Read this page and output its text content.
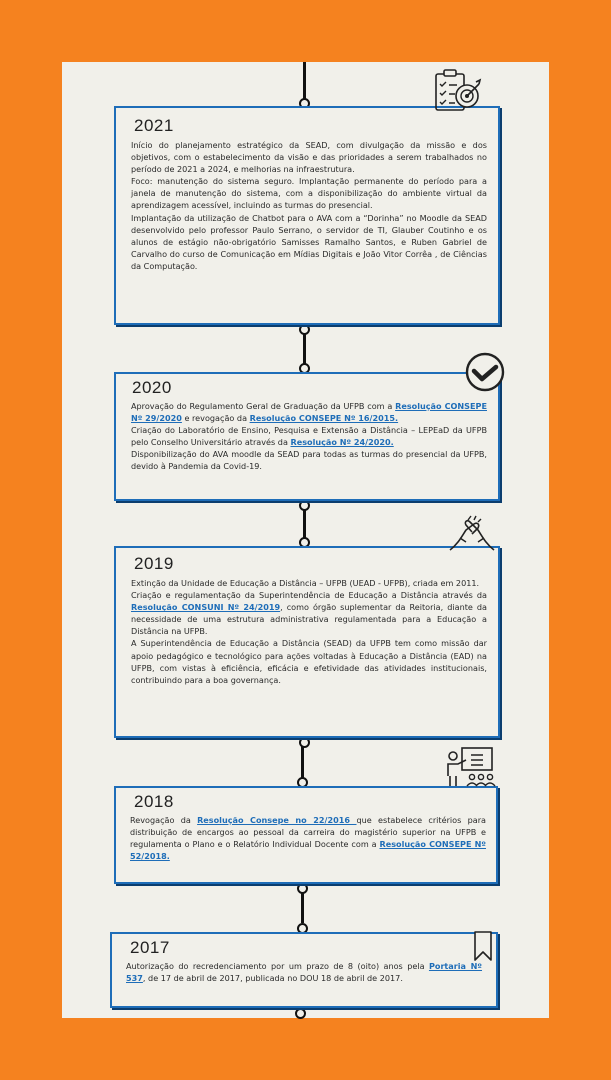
2021

Início do planejamento estratégico da SEAD, com divulgação da missão e dos objetivos, com o estabelecimento da visão e das prioridades a serem trabalhados no período de 2021 a 2024, e melhorias na infraestrutura.

Foco: manutenção do sistema seguro. Implantação permanente do período para a janela de manutenção do sistema, com a disponibilização do ambiente virtual da aprendizagem acessível, incluindo as turmas do presencial.

Implantação da utilização de Chatbot para o AVA com a “Dorinha” no Moodle da SEAD desenvolvido pelo professor Paulo Serrano, o servidor de TI, Glauber Coutinho e os alunos de estágio não-obrigatório Samisses Ramalho Santos, e Ruben Gabriel de Carvalho do curso de Comunicação em Mídias Digitais e João Vitor Corrêa , de Ciências da Computação.

2020

Aprovação do Regulamento Geral de Graduação da UFPB com a Resolução CONSEPE Nº 29/2020 e revogação da Resolução CONSEPE Nº 16/2015.

Criação do Laboratório de Ensino, Pesquisa e Extensão a Distância – LEPEaD da UFPB pelo Conselho Universitário através da Resolução Nº 24/2020.

Disponibilização do AVA moodle da SEAD para todas as turmas do presencial da UFPB, devido à Pandemia da Covid-19.

2019

Extinção da Unidade de Educação a Distância – UFPB (UEAD - UFPB), criada em 2011.

Criação e regulamentação da Superintendência de Educação a Distância através da Resolução CONSUNI Nº 24/2019, como órgão suplementar da Reitoria, diante da necessidade de uma estrutura administrativa regulamentada para a Educação a Distância na UFPB.

A Superintendência de Educação a Distância (SEAD) da UFPB tem como missão dar apoio pedagógico e tecnológico para ações voltadas à Educação a Distância (EAD) na UFPB, com vistas à eficiência, eficácia e efetividade das atividades institucionais, contribuindo para a boa governança.

2018

Revogação da Resolução Consepe no 22/2016 que estabelece critérios para distribuição de encargos ao pessoal da carreira do magistério superior na UFPB e regulamenta o Plano e o Relatório Individual Docente com a Resolução CONSEPE Nº 52/2018.

2017

Autorização do recredenciamento por um prazo de 8 (oito) anos pela Portaria Nº 537, de 17 de abril de 2017, publicada no DOU 18 de abril de 2017.
